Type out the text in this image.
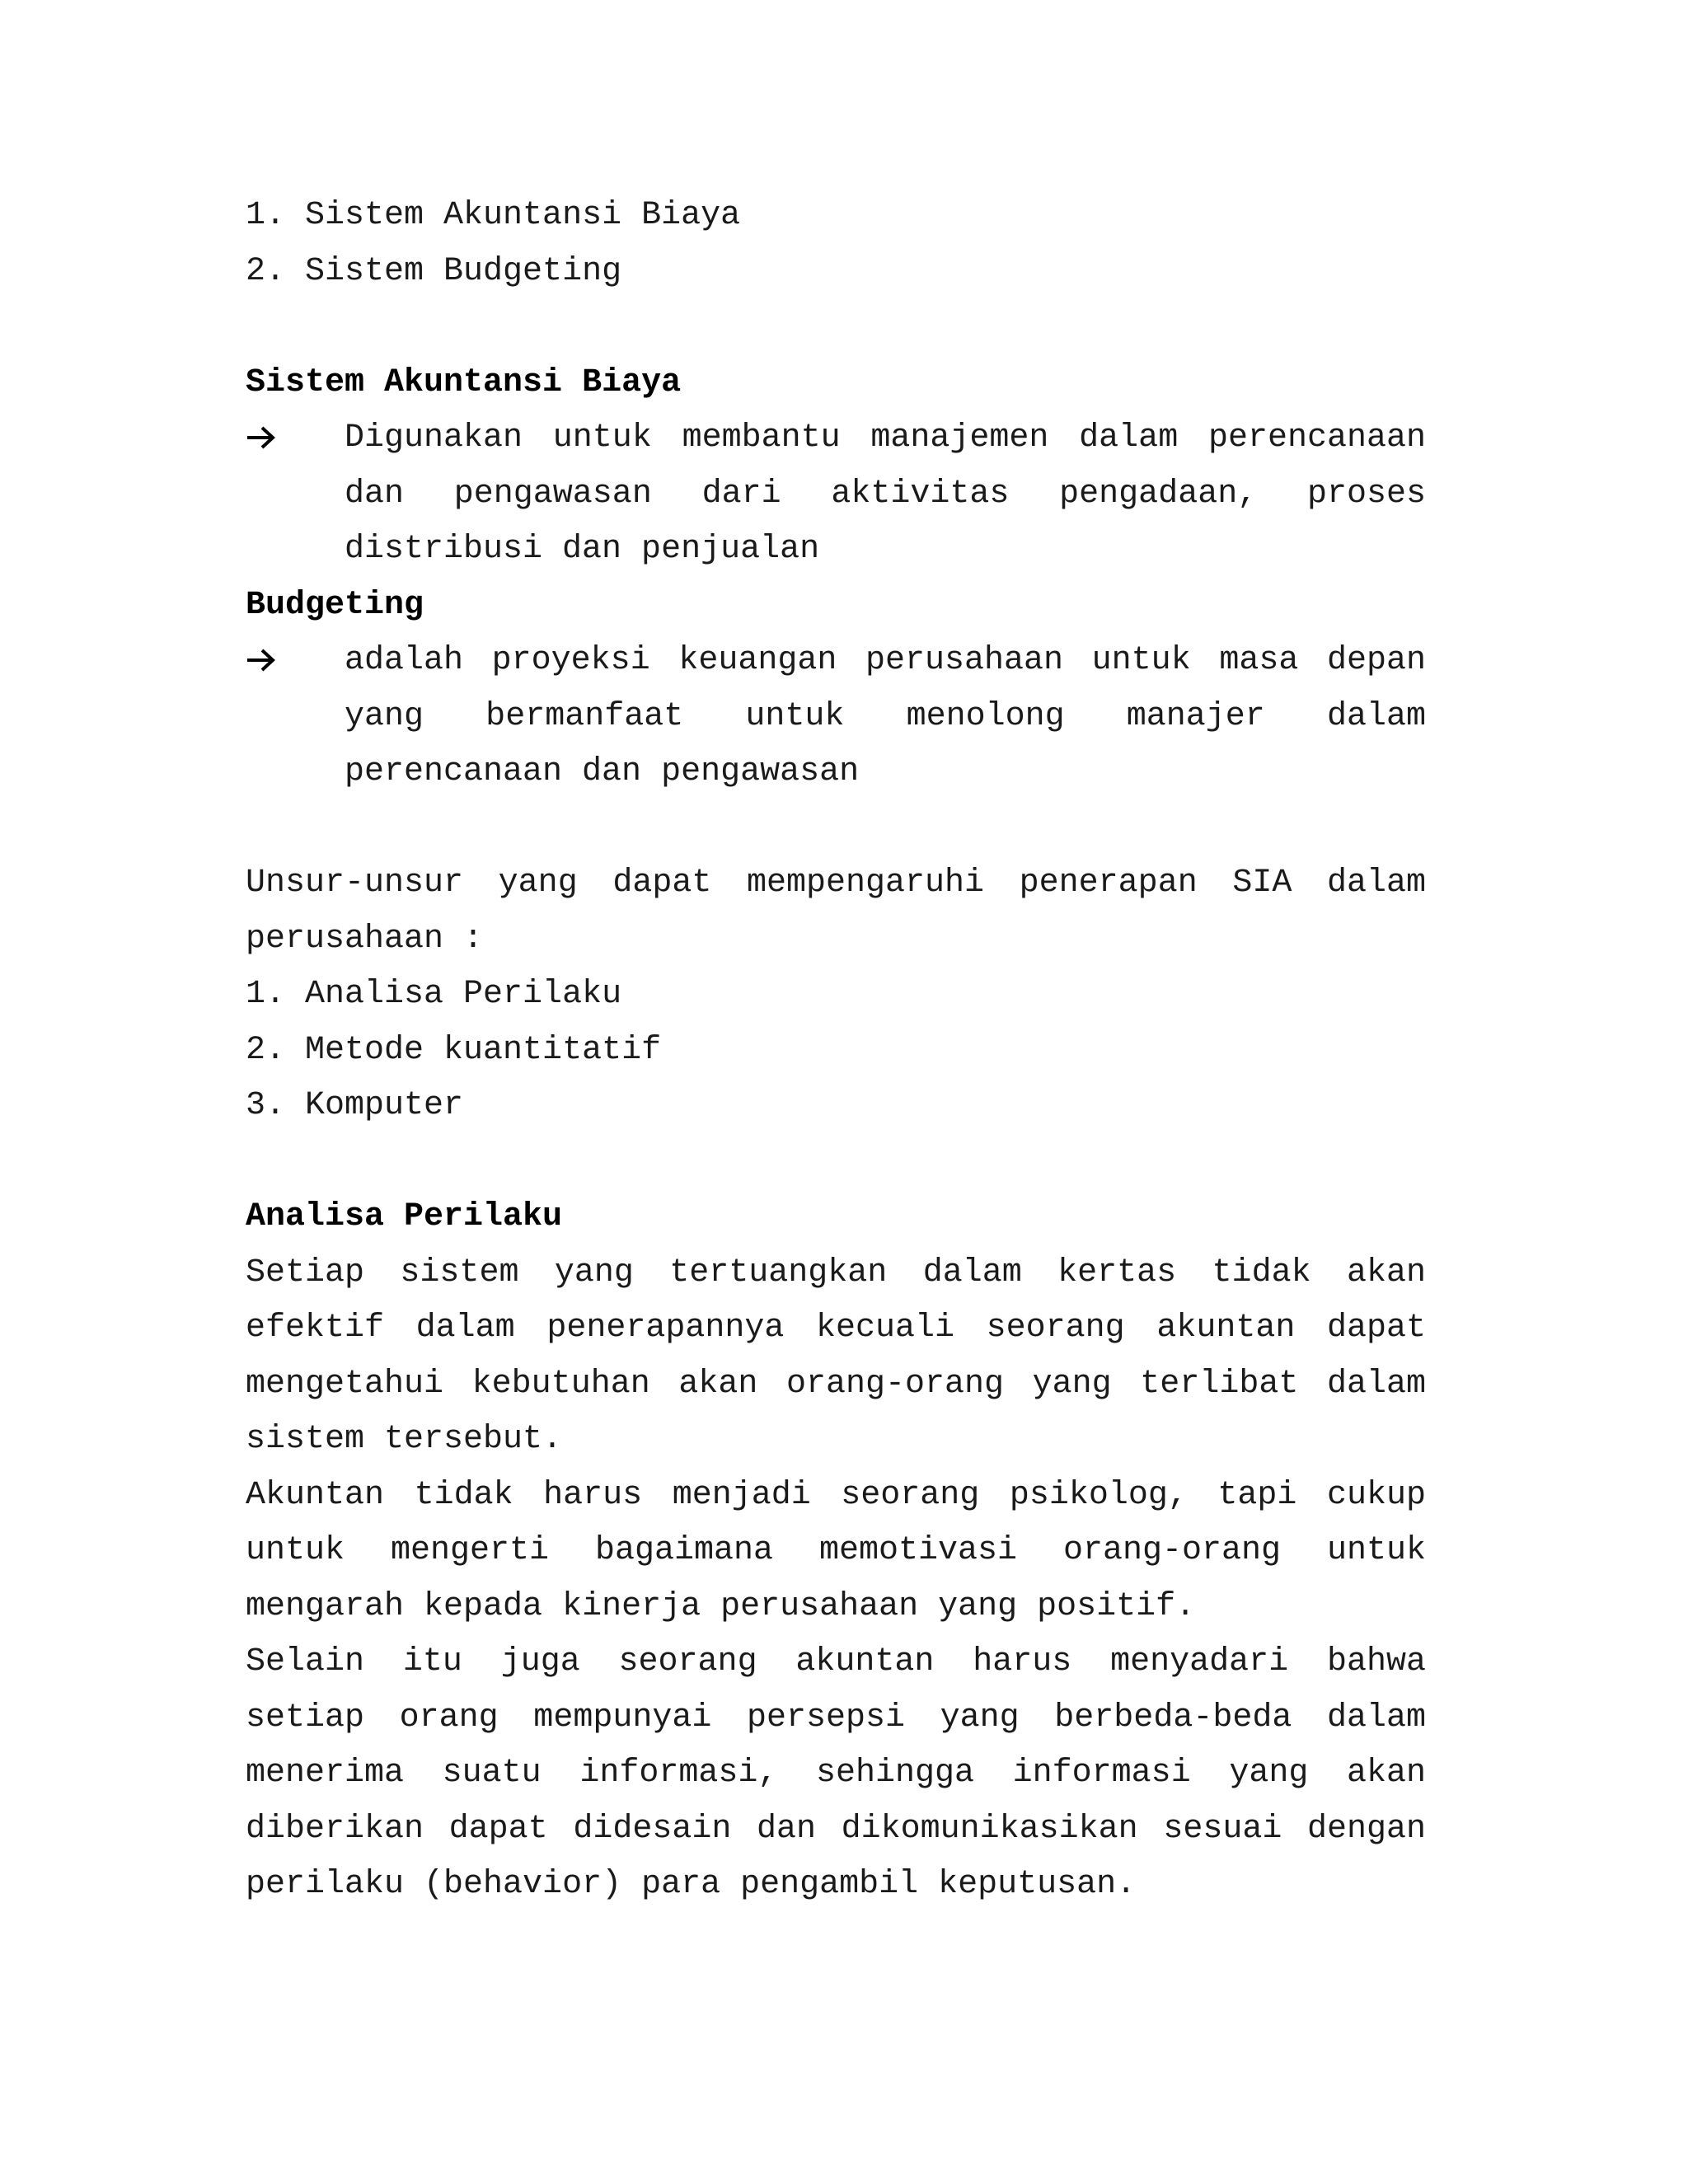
1. Sistem Akuntansi Biaya
2. Sistem Budgeting
Sistem Akuntansi Biaya
Digunakan untuk membantu manajemen dalam perencanaan dan pengawasan dari aktivitas pengadaan, proses distribusi dan penjualan
Budgeting
adalah proyeksi keuangan perusahaan untuk masa depan yang bermanfaat untuk menolong manajer dalam perencanaan dan pengawasan
Unsur-unsur yang dapat mempengaruhi penerapan SIA dalam perusahaan :
1. Analisa Perilaku
2. Metode kuantitatif
3. Komputer
Analisa Perilaku
Setiap sistem yang tertuangkan dalam kertas tidak akan efektif dalam penerapannya kecuali seorang akuntan dapat mengetahui kebutuhan akan orang-orang yang terlibat dalam sistem tersebut.
Akuntan tidak harus menjadi seorang psikolog, tapi cukup untuk mengerti bagaimana memotivasi orang-orang untuk mengarah kepada kinerja perusahaan yang positif.
Selain itu juga seorang akuntan harus menyadari bahwa setiap orang mempunyai persepsi yang berbeda-beda dalam menerima suatu informasi, sehingga informasi yang akan diberikan dapat didesain dan dikomunikasikan sesuai dengan perilaku (behavior) para pengambil keputusan.
